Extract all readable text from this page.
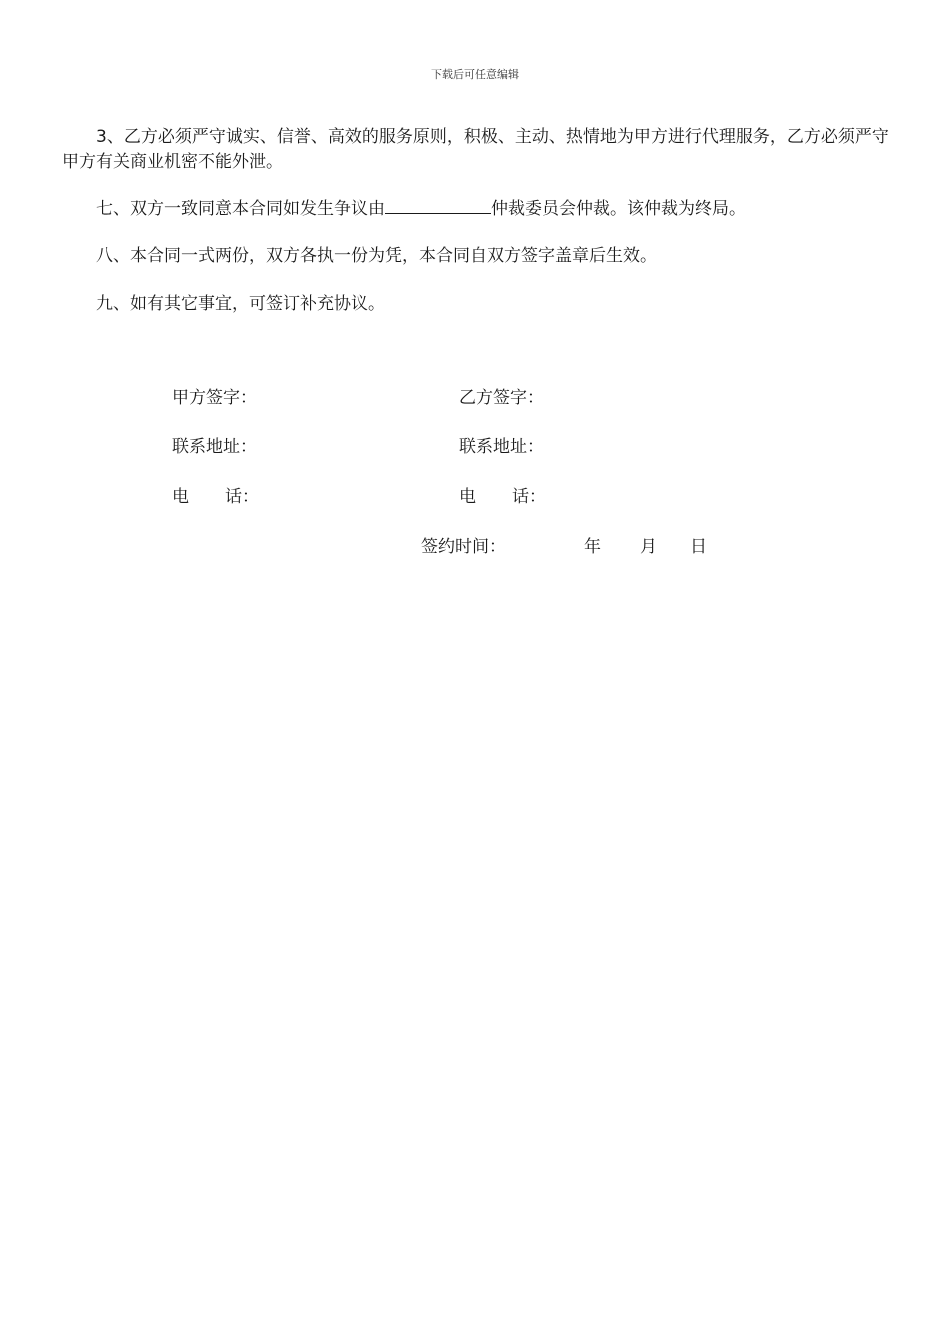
下载后可任意编辑

3、乙方必须严守诚实、信誉、高效的服务原则，积极、主动、热情地为甲方进行代理服务，乙方必须严守甲方有关商业机密不能外泄。

七、双方一致同意本合同如发生争议由	仲裁委员会仲裁。该仲裁为终局。

八、本合同一式两份，双方各执一份为凭，本合同自双方签字盖章后生效。

九、如有其它事宜，可签订补充协议。

甲方签字：	乙方签字：
联系地址：	联系地址：
电 话：	电 话：
签约时间：	年 月 日
